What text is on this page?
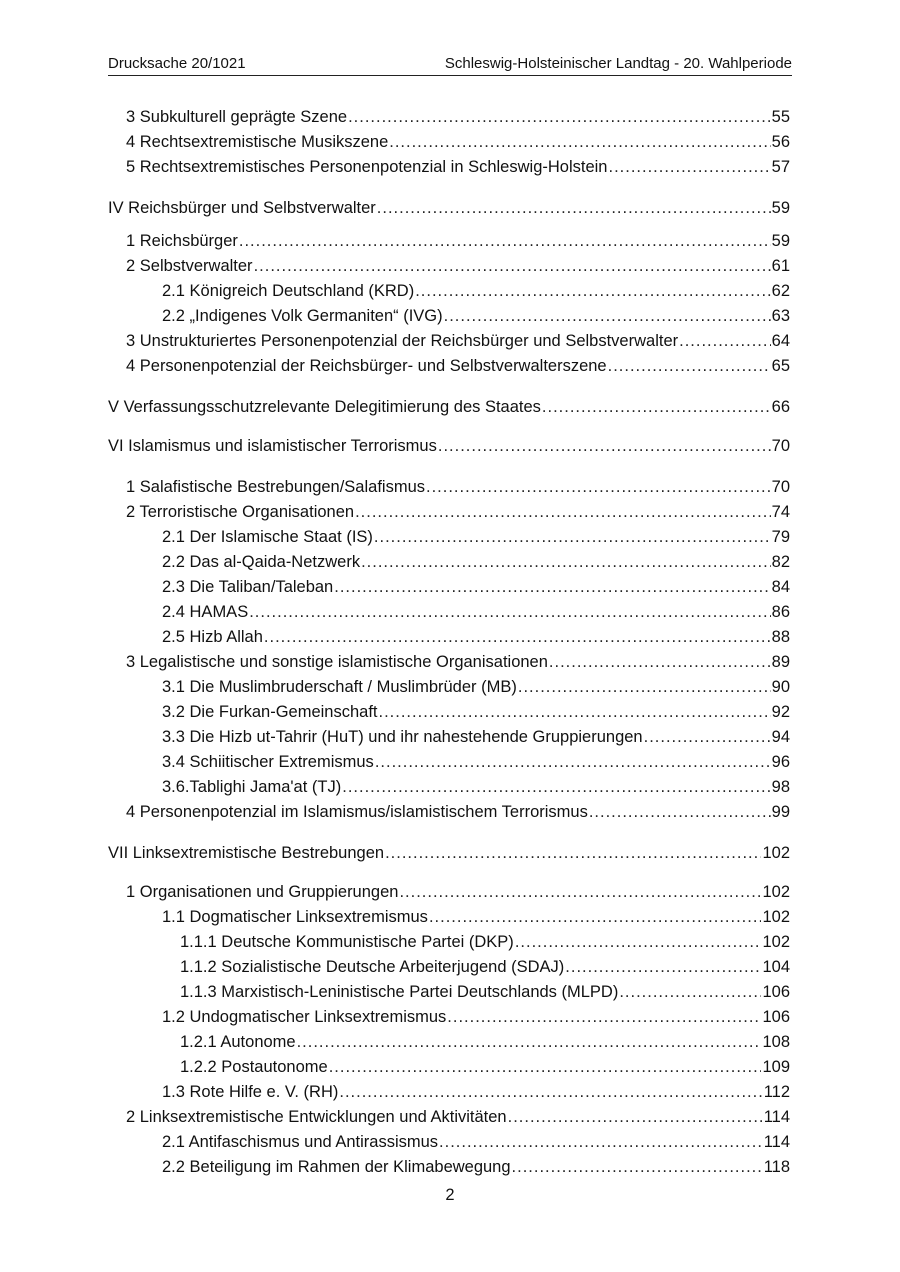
Drucksache 20/1021	Schleswig-Holsteinischer Landtag - 20. Wahlperiode
3 Subkulturell geprägte Szene .....	55
4 Rechtsextremistische Musikszene .....	56
5 Rechtsextremistisches Personenpotenzial in Schleswig-Holstein .....	57
IV Reichsbürger und Selbstverwalter .....	59
1 Reichsbürger .....	59
2 Selbstverwalter .....	61
2.1 Königreich Deutschland (KRD) .....	62
2.2 „Indigenes Volk Germaniten“ (IVG) .....	63
3 Unstrukturiertes Personenpotenzial der Reichsbürger und Selbstverwalter .....	64
4 Personenpotenzial der Reichsbürger- und Selbstverwalterszene .....	65
V Verfassungsschutzrelevante Delegitimierung des Staates .....	66
VI Islamismus und islamistischer Terrorismus .....	70
1 Salafistische Bestrebungen/Salafismus .....	70
2 Terroristische Organisationen .....	74
2.1 Der Islamische Staat (IS) .....	79
2.2 Das al-Qaida-Netzwerk .....	82
2.3 Die Taliban/Taleban .....	84
2.4 HAMAS .....	86
2.5 Hizb Allah .....	88
3 Legalistische und sonstige islamistische Organisationen .....	89
3.1 Die Muslimbruderschaft / Muslimbrüder (MB) .....	90
3.2 Die Furkan-Gemeinschaft .....	92
3.3 Die Hizb ut-Tahrir (HuT) und ihr nahestehende Gruppierungen .....	94
3.4 Schiitischer Extremismus .....	96
3.6.Tablighi Jama'at (TJ) .....	98
4 Personenpotenzial im Islamismus/islamistischem Terrorismus .....	99
VII Linksextremistische Bestrebungen .....	102
1 Organisationen und Gruppierungen .....	102
1.1 Dogmatischer Linksextremismus .....	102
1.1.1 Deutsche Kommunistische Partei (DKP) .....	102
1.1.2 Sozialistische Deutsche Arbeiterjugend (SDAJ) .....	104
1.1.3 Marxistisch-Leninistische Partei Deutschlands (MLPD) .....	106
1.2 Undogmatischer Linksextremismus .....	106
1.2.1 Autonome .....	108
1.2.2 Postautonome .....	109
1.3 Rote Hilfe e. V. (RH) .....	112
2 Linksextremistische Entwicklungen und Aktivitäten .....	114
2.1 Antifaschismus und Antirassismus .....	114
2.2 Beteiligung im Rahmen der Klimabewegung .....	118
2
